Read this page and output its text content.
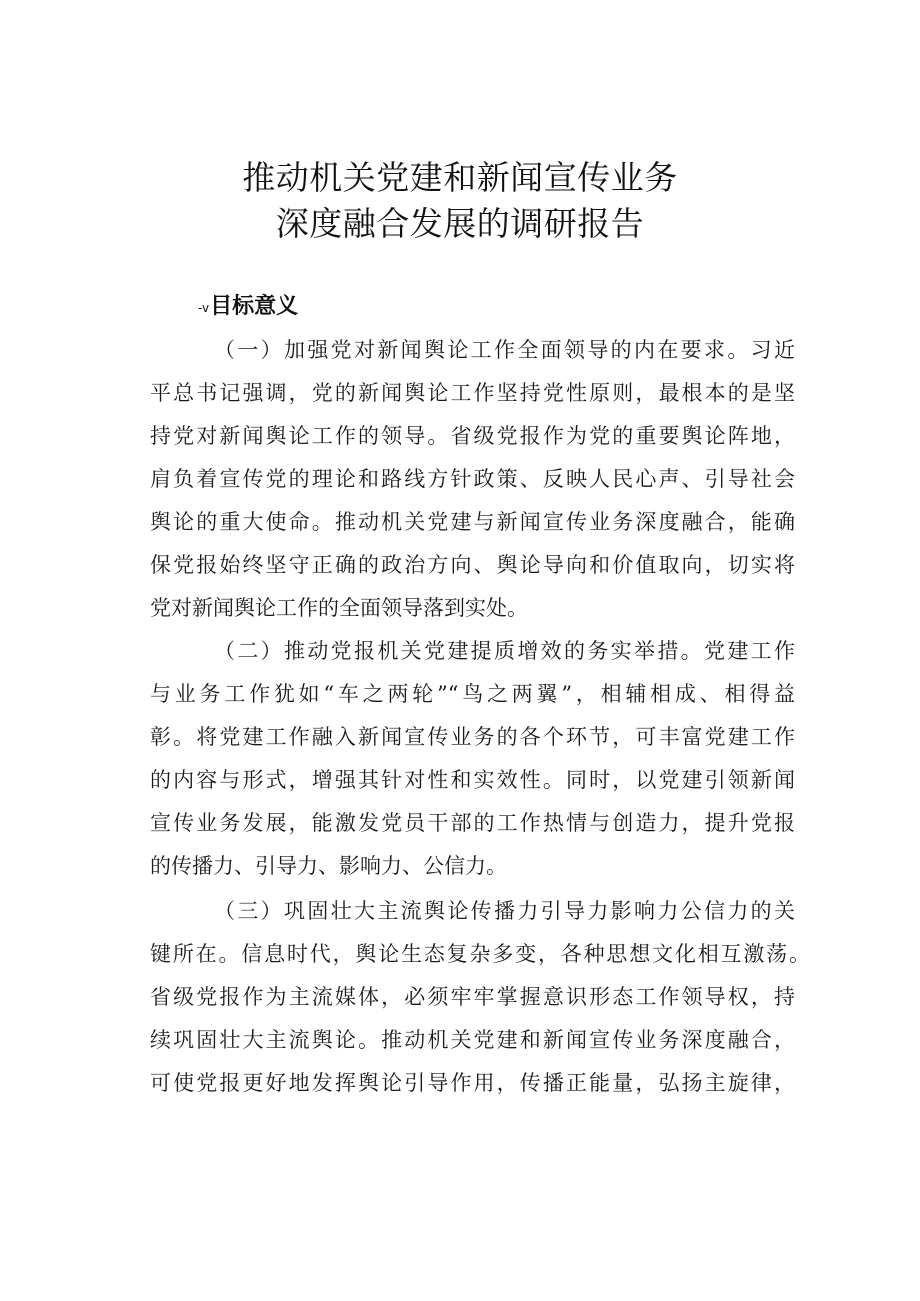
推动机关党建和新闻宣传业务
深度融合发展的调研报告
-v目标意义
（一）加强党对新闻舆论工作全面领导的内在要求。习近
平总书记强调，党的新闻舆论工作坚持党性原则，最根本的是坚
持党对新闻舆论工作的领导。省级党报作为党的重要舆论阵地，
肩负着宣传党的理论和路线方针政策、反映人民心声、引导社会
舆论的重大使命。推动机关党建与新闻宣传业务深度融合，能确
保党报始终坚守正确的政治方向、舆论导向和价值取向，切实将
党对新闻舆论工作的全面领导落到实处。
（二）推动党报机关党建提质增效的务实举措。党建工作
与业务工作犹如“车之两轮”“鸟之两翼”，相辅相成、相得益
彰。将党建工作融入新闻宣传业务的各个环节，可丰富党建工作
的内容与形式，增强其针对性和实效性。同时，以党建引领新闻
宣传业务发展，能激发党员干部的工作热情与创造力，提升党报
的传播力、引导力、影响力、公信力。
（三）巩固壮大主流舆论传播力引导力影响力公信力的关
键所在。信息时代，舆论生态复杂多变，各种思想文化相互激荡。
省级党报作为主流媒体，必须牢牢掌握意识形态工作领导权，持
续巩固壮大主流舆论。推动机关党建和新闻宣传业务深度融合，
可使党报更好地发挥舆论引导作用，传播正能量，弘扬主旋律，
